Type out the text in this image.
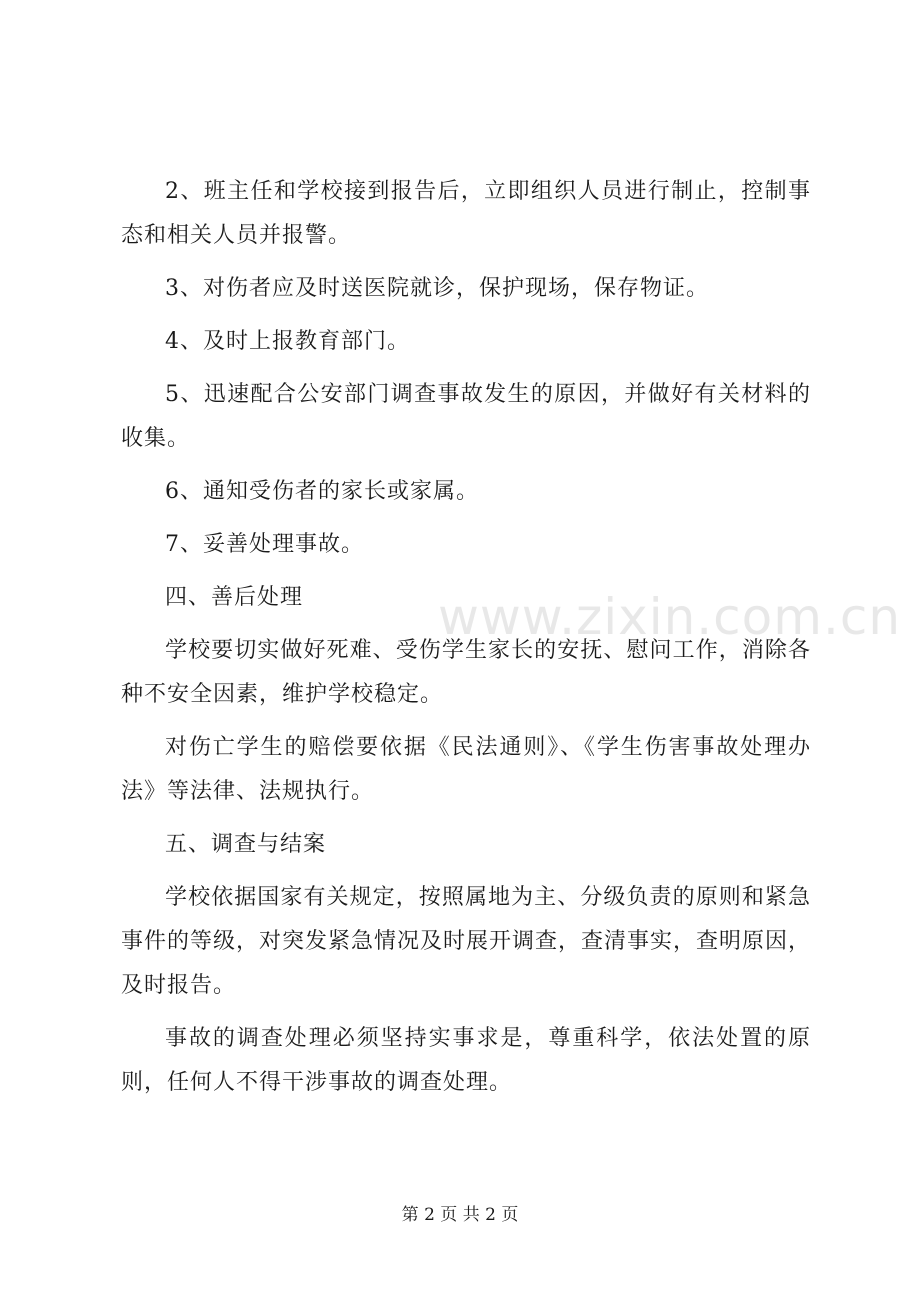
2、班主任和学校接到报告后，立即组织人员进行制止，控制事态和相关人员并报警。

3、对伤者应及时送医院就诊，保护现场，保存物证。

4、及时上报教育部门。

5、迅速配合公安部门调查事故发生的原因，并做好有关材料的收集。

6、通知受伤者的家长或家属。

7、妥善处理事故。

四、善后处理

学校要切实做好死难、受伤学生家长的安抚、慰问工作，消除各种不安全因素，维护学校稳定。

对伤亡学生的赔偿要依据《民法通则》、《学生伤害事故处理办法》等法律、法规执行。

五、调查与结案

学校依据国家有关规定，按照属地为主、分级负责的原则和紧急事件的等级，对突发紧急情况及时展开调查，查清事实，查明原因，及时报告。

事故的调查处理必须坚持实事求是，尊重科学，依法处置的原则，任何人不得干涉事故的调查处理。

www.zixin.com.cn
第 2 页 共 2 页
